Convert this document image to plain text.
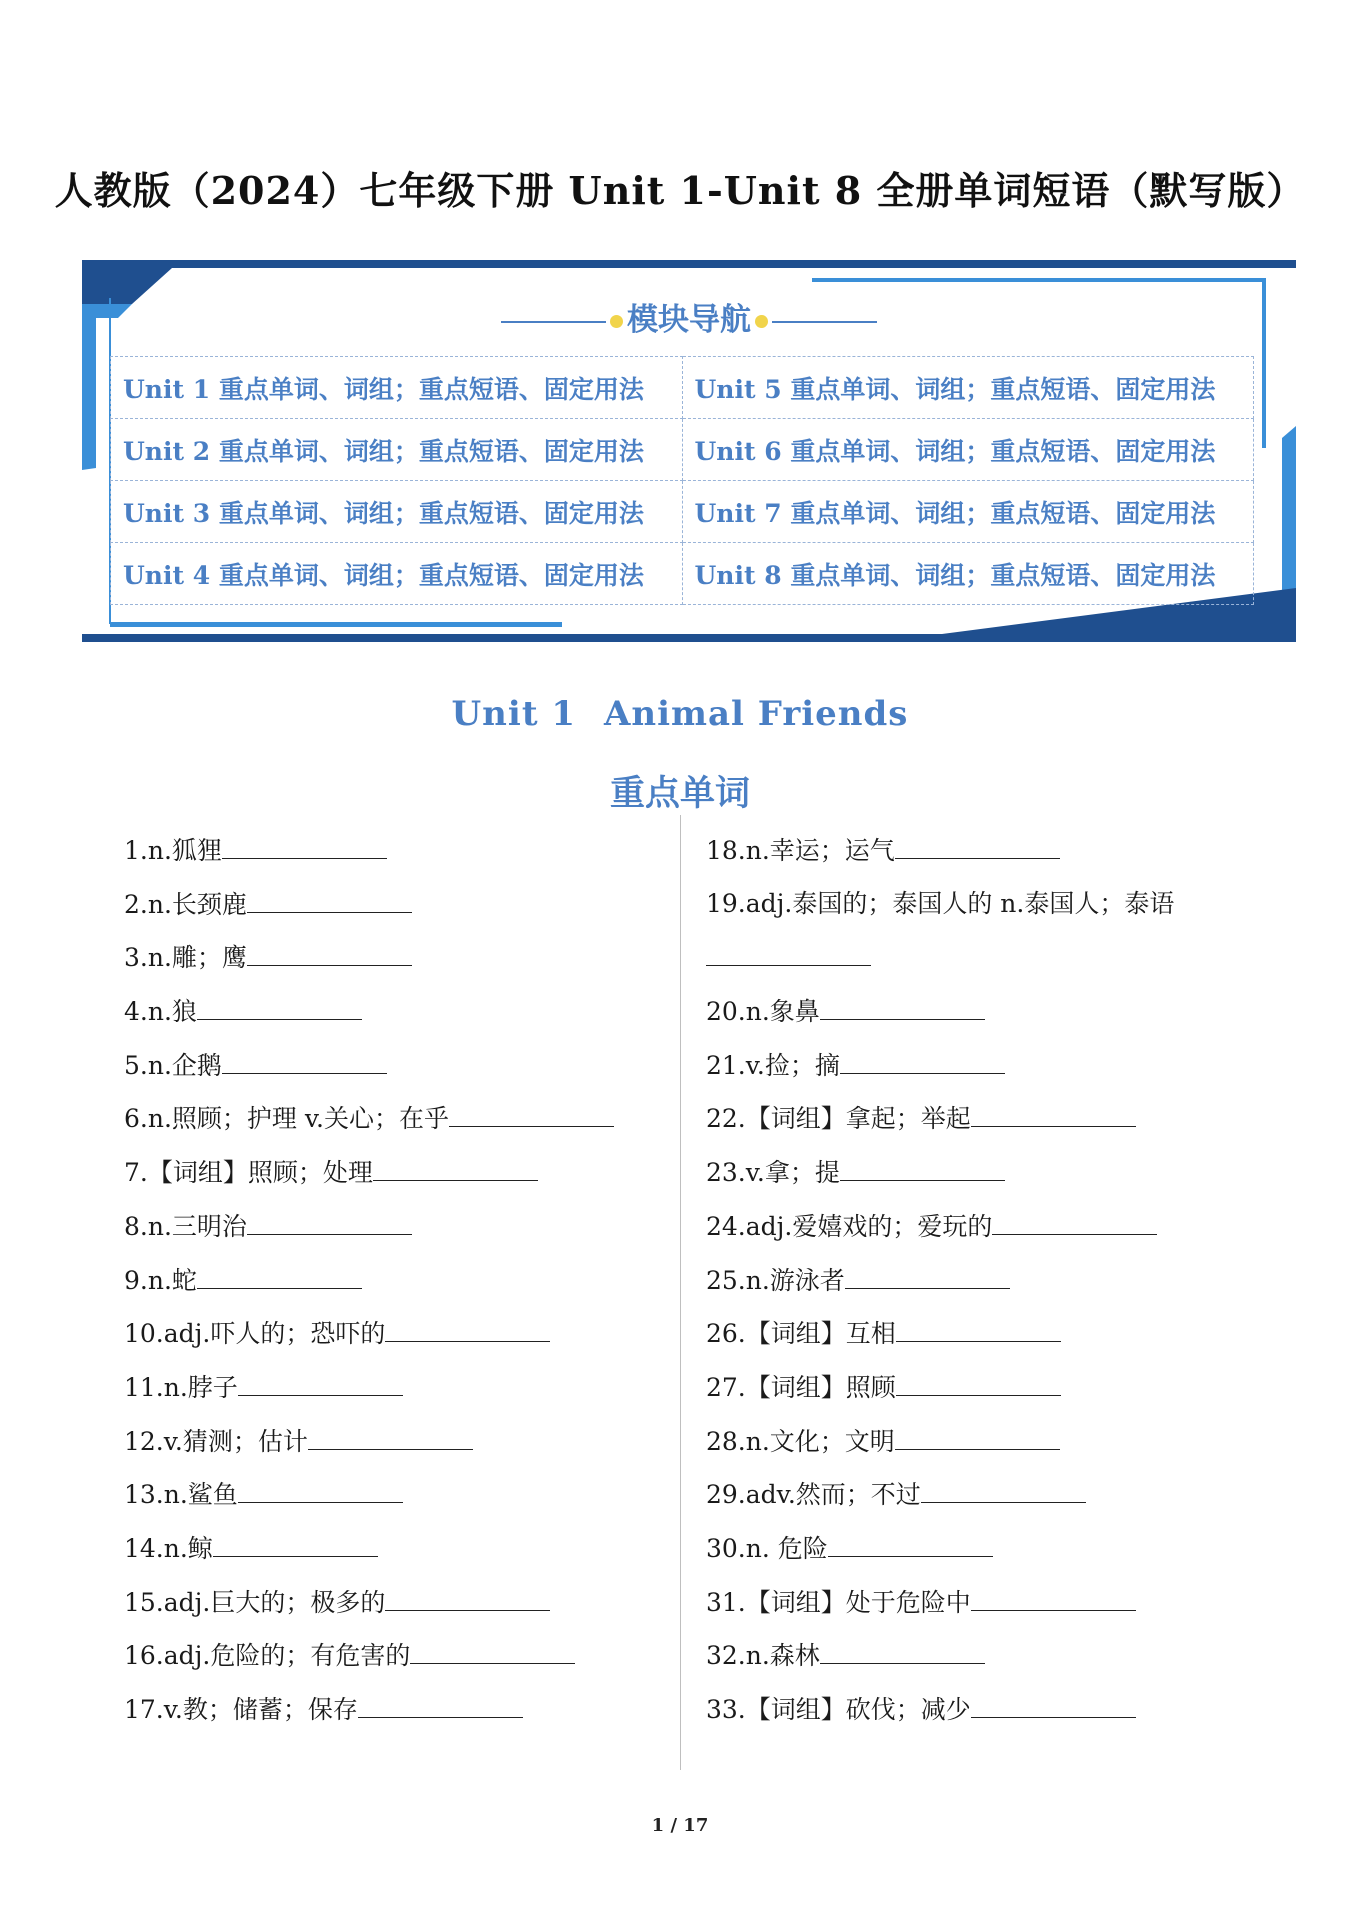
人教版（2024）七年级下册 Unit 1-Unit 8 全册单词短语（默写版）
模块导航
Unit 1 重点单词、词组；重点短语、固定用法	Unit 5 重点单词、词组；重点短语、固定用法
Unit 2 重点单词、词组；重点短语、固定用法	Unit 6 重点单词、词组；重点短语、固定用法
Unit 3 重点单词、词组；重点短语、固定用法	Unit 7 重点单词、词组；重点短语、固定用法
Unit 4 重点单词、词组；重点短语、固定用法	Unit 8 重点单词、词组；重点短语、固定用法
Unit 1 Animal Friends
重点单词
1.n.狐狸
2.n.长颈鹿
3.n.雕；鹰
4.n.狼
5.n.企鹅
6.n.照顾；护理 v.关心；在乎
7.【词组】照顾；处理
8.n.三明治
9.n.蛇
10.adj.吓人的；恐吓的
11.n.脖子
12.v.猜测；估计
13.n.鲨鱼
14.n.鲸
15.adj.巨大的；极多的
16.adj.危险的；有危害的
17.v.教；储蓄；保存
18.n.幸运；运气
19.adj.泰国的；泰国人的 n.泰国人；泰语
20.n.象鼻
21.v.捡；摘
22.【词组】拿起；举起
23.v.拿；提
24.adj.爱嬉戏的；爱玩的
25.n.游泳者
26.【词组】互相
27.【词组】照顾
28.n.文化；文明
29.adv.然而；不过
30.n. 危险
31.【词组】处于危险中
32.n.森林
33.【词组】砍伐；减少
1 / 17
